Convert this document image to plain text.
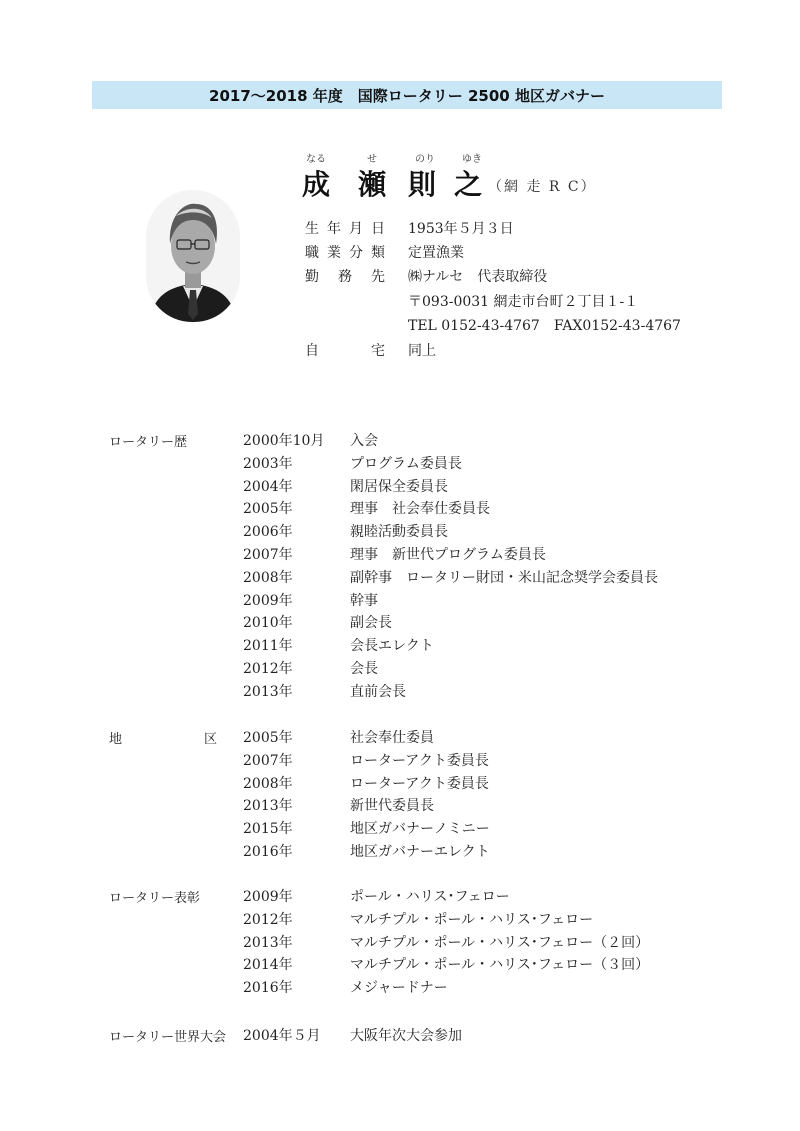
2017～2018 年度　国際ロータリー 2500 地区ガバナー
なる	せ	のり	ゆき
成 瀬 則 之 （網 走 R C）
生 年 月 日 1953年５月３日
職 業 分 類 定置漁業
勤 務 先 ㈱ナルセ　代表取締役
〒093-0031 網走市台町２丁目１-１
TEL 0152-43-4767　FAX0152-43-4767
自	宅 同上
ロータリー歴	2000年10月 入会
2003年	プログラム委員長
2004年	閑居保全委員長
2005年	理事　社会奉仕委員長
2006年	親睦活動委員長
2007年	理事　新世代プログラム委員長
2008年	副幹事　ロータリー財団・米山記念奨学会委員長
2009年	幹事
2010年	副会長
2011年	会長エレクト
2012年	会長
2013年	直前会長
地	区 2005年	社会奉仕委員
2007年	ローターアクト委員長
2008年	ローターアクト委員長
2013年	新世代委員長
2015年	地区ガバナーノミニー
2016年	地区ガバナーエレクト
ロータリー表彰	2009年	ポール・ハリス･フェロー
2012年	マルチプル・ポール・ハリス･フェロー
2013年	マルチプル・ポール・ハリス･フェロー（２回）
2014年	マルチプル・ポール・ハリス･フェロー（３回）
2016年	メジャードナー
ロータリー世界大会 2004年５月 大阪年次大会参加
